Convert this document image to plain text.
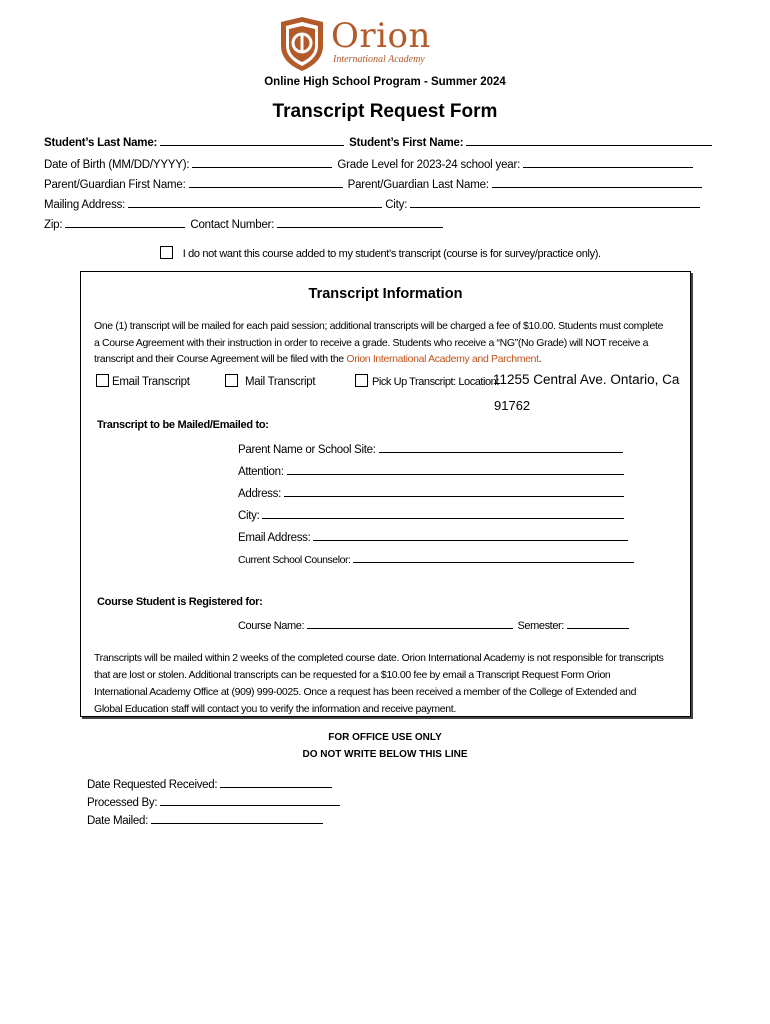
Orion
International Academy
Online High School Program - Summer 2024
Transcript Request Form
Student’s Last Name:	Student’s First Name:
Date of Birth (MM/DD/YYYY):	Grade Level for 2023-24 school year:
Parent/Guardian First Name:	Parent/Guardian Last Name:
Mailing Address:	City:
Zip:	Contact Number:
I do not want this course added to my student’s transcript (course is for survey/practice only).
Transcript Information
One (1) transcript will be mailed for each paid session; additional transcripts will be charged a fee of $10.00. Students must complete a Course Agreement with their instruction in order to receive a grade. Students who receive a “NG”(No Grade) will NOT receive a transcript and their Course Agreement will be filed with the Orion International Academy and Parchment.
Email Transcript	Mail Transcript	Pick Up Transcript: Location:
11255 Central Ave. Ontario, Ca
91762
Transcript to be Mailed/Emailed to:
Parent Name or School Site:
Attention:
Address:
City:
Email Address:
Current School Counselor:
Course Student is Registered for:
Course Name:	Semester:
Transcripts will be mailed within 2 weeks of the completed course date. Orion International Academy is not responsible for transcripts that are lost or stolen. Additional transcripts can be requested for a $10.00 fee by email a Transcript Request Form Orion International Academy Office at (909) 999-0025. Once a request has been received a member of the College of Extended and Global Education staff will contact you to verify the information and receive payment.
FOR OFFICE USE ONLY
DO NOT WRITE BELOW THIS LINE
Date Requested Received:
Processed By:
Date Mailed:
